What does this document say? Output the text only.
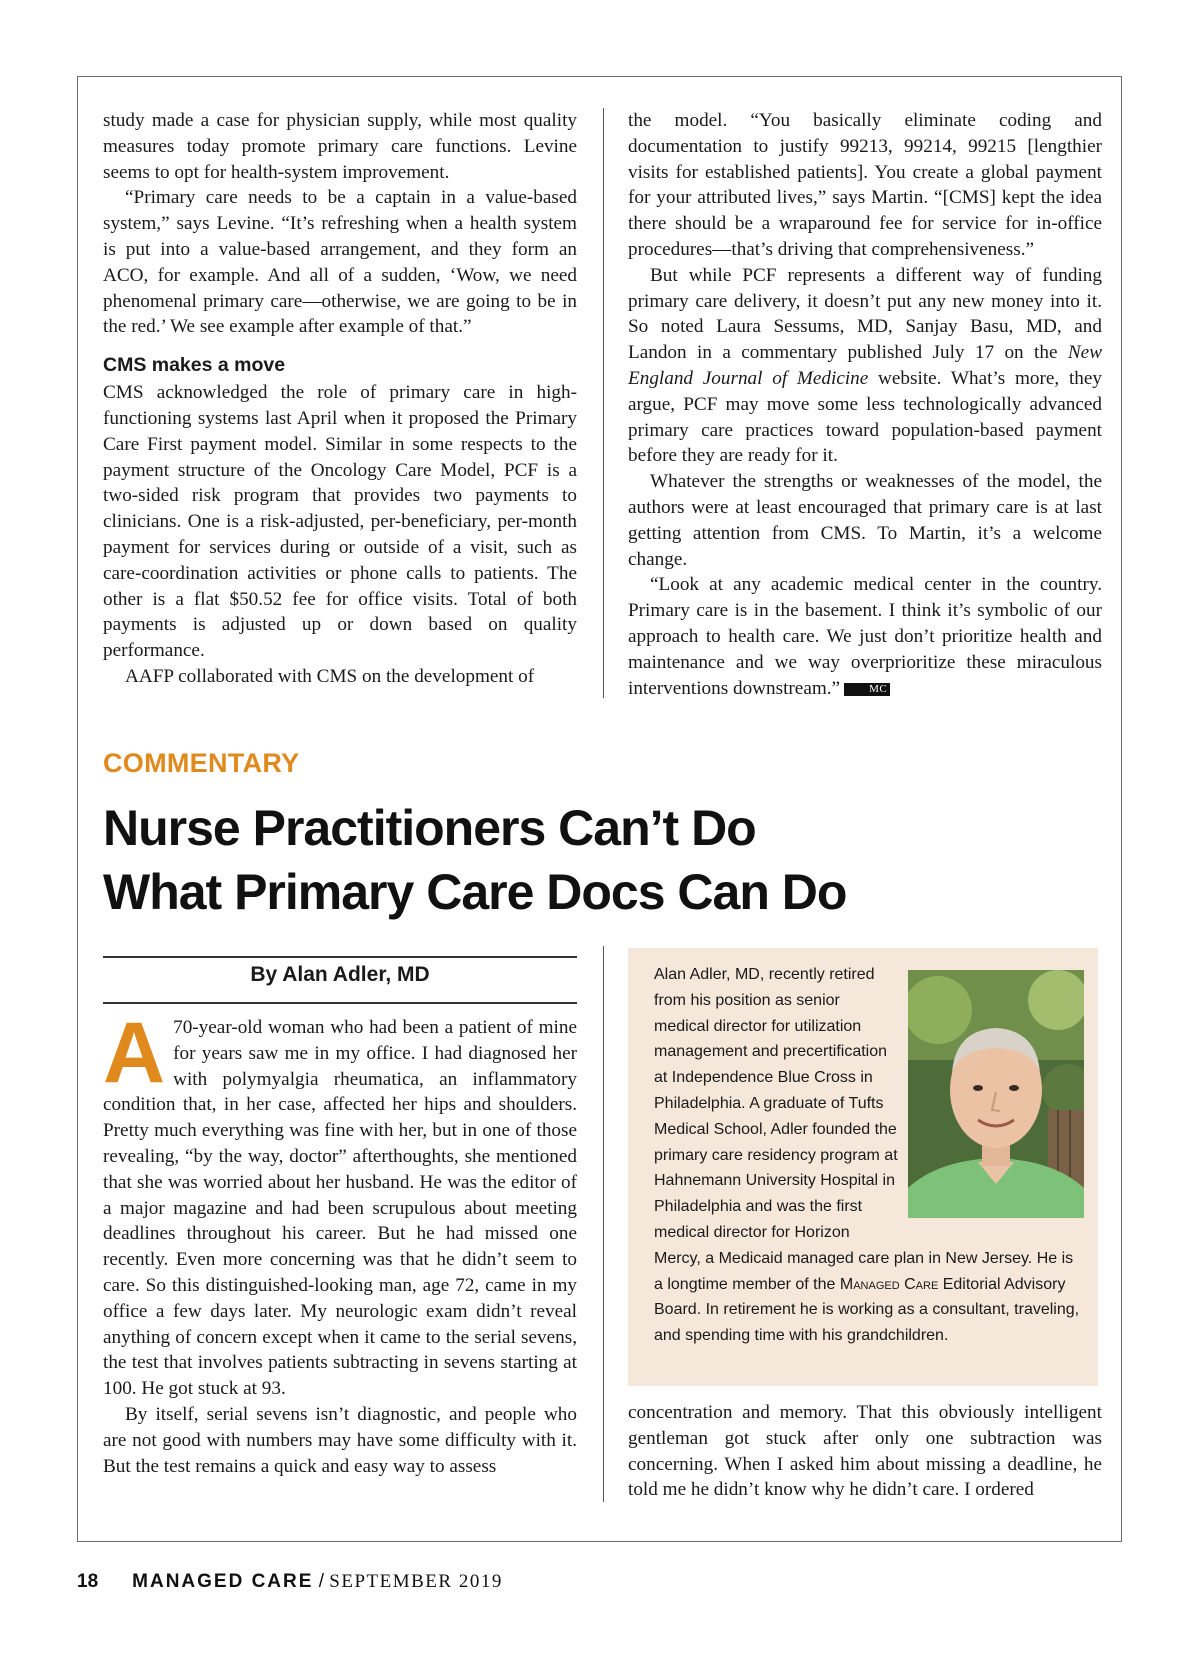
study made a case for physician supply, while most quality measures today promote primary care functions. Levine seems to opt for health-system improvement.

“Primary care needs to be a captain in a value-based system,” says Levine. “It’s refreshing when a health system is put into a value-based arrangement, and they form an ACO, for example. And all of a sudden, ‘Wow, we need phenomenal primary care—otherwise, we are going to be in the red.’ We see example after example of that.”

CMS makes a move

CMS acknowledged the role of primary care in high-functioning systems last April when it proposed the Primary Care First payment model. Similar in some respects to the payment structure of the Oncology Care Model, PCF is a two-sided risk program that provides two payments to clinicians. One is a risk-adjusted, per-beneficiary, per-month payment for services during or outside of a visit, such as care-coordination activities or phone calls to patients. The other is a flat $50.52 fee for office visits. Total of both payments is adjusted up or down based on quality performance.

AAFP collaborated with CMS on the development of

the model. “You basically eliminate coding and documentation to justify 99213, 99214, 99215 [lengthier visits for established patients]. You create a global payment for your attributed lives,” says Martin. “[CMS] kept the idea there should be a wraparound fee for service for in-office procedures—that’s driving that comprehensiveness.”

But while PCF represents a different way of funding primary care delivery, it doesn’t put any new money into it. So noted Laura Sessums, MD, Sanjay Basu, MD, and Landon in a commentary published July 17 on the New England Journal of Medicine website. What’s more, they argue, PCF may move some less technologically advanced primary care practices toward population-based payment before they are ready for it.

Whatever the strengths or weaknesses of the model, the authors were at least encouraged that primary care is at last getting attention from CMS. To Martin, it’s a welcome change.

“Look at any academic medical center in the country. Primary care is in the basement. I think it’s symbolic of our approach to health care. We just don’t prioritize health and maintenance and we way overprioritize these miraculous interventions downstream.”	MC

COMMENTARY
Nurse Practitioners Can’t Do
What Primary Care Docs Can Do
By Alan Adler, MD

A 70-year-old woman who had been a patient of mine for years saw me in my office. I had diagnosed her with polymyalgia rheumatica, an inflammatory condition that, in her case, affected her hips and shoulders. Pretty much everything was fine with her, but in one of those revealing, “by the way, doctor” afterthoughts, she mentioned that she was worried about her husband. He was the editor of a major magazine and had been scrupulous about meeting deadlines throughout his career. But he had missed one recently. Even more concerning was that he didn’t seem to care. So this distinguished-looking man, age 72, came in my office a few days later. My neurologic exam didn’t reveal anything of concern except when it came to the serial sevens, the test that involves patients subtracting in sevens starting at 100. He got stuck at 93.

By itself, serial sevens isn’t diagnostic, and people who are not good with numbers may have some difficulty with it. But the test remains a quick and easy way to assess

Alan Adler, MD, recently retired from his position as senior medical director for utilization management and precertification at Independence Blue Cross in Philadelphia. A graduate of Tufts Medical School, Adler founded the primary care residency program at Hahnemann University Hospital in Philadelphia and was the first medical director for Horizon Mercy, a Medicaid managed care plan in New Jersey. He is a longtime member of the Managed Care Editorial Advisory Board. In retirement he is working as a consultant, traveling, and spending time with his grandchildren.

concentration and memory. That this obviously intelligent gentleman got stuck after only one subtraction was concerning. When I asked him about missing a deadline, he told me he didn’t know why he didn’t care. I ordered

18 MANAGED CARE / SEPTEMBER 2019
